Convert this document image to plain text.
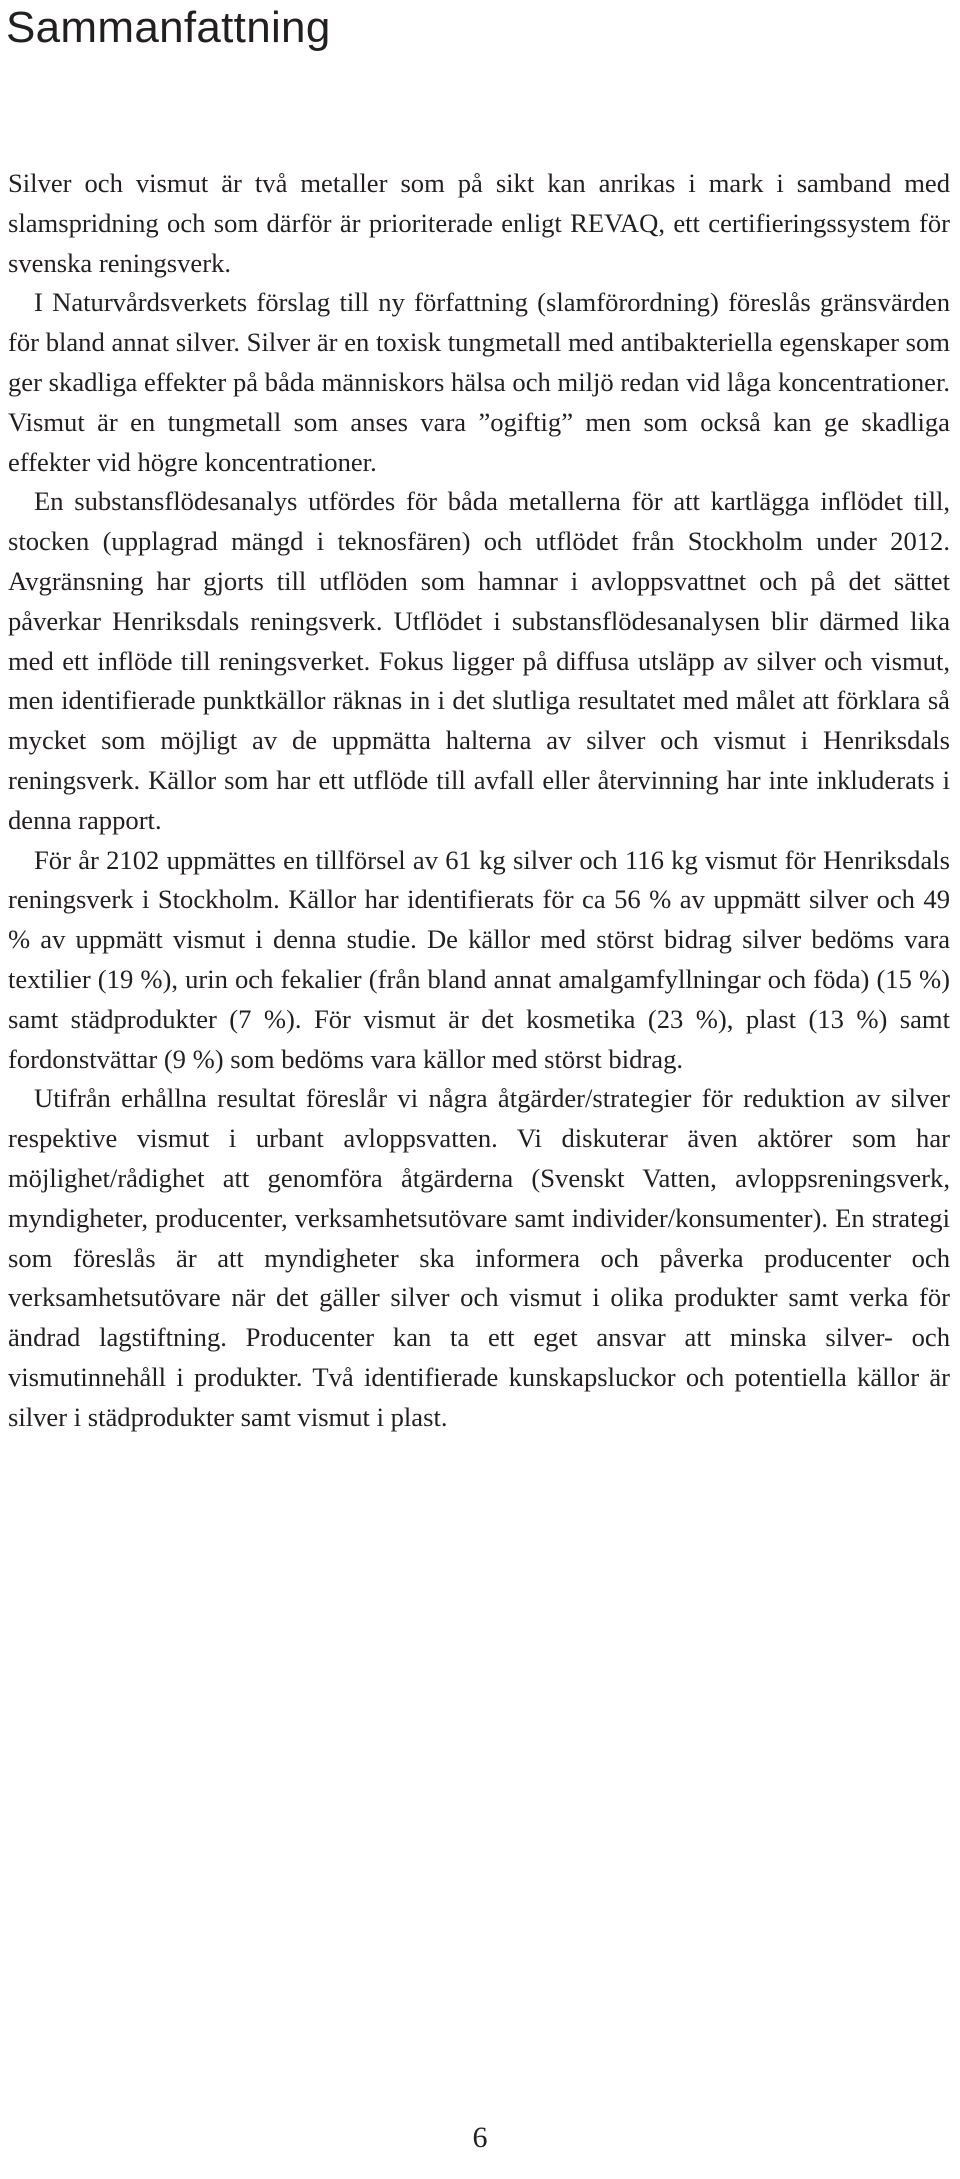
Sammanfattning

Silver och vismut är två metaller som på sikt kan anrikas i mark i samband med slamspridning och som därför är prioriterade enligt REVAQ, ett certifieringssystem för svenska reningsverk.

I Naturvårdsverkets förslag till ny författning (slamförordning) föreslås gränsvärden för bland annat silver. Silver är en toxisk tungmetall med antibakteriella egenskaper som ger skadliga effekter på båda människors hälsa och miljö redan vid låga koncentrationer. Vismut är en tungmetall som anses vara ”ogiftig” men som också kan ge skadliga effekter vid högre koncentrationer.

En substansflödesanalys utfördes för båda metallerna för att kartlägga inflödet till, stocken (upplagrad mängd i teknosfären) och utflödet från Stockholm under 2012. Avgränsning har gjorts till utflöden som hamnar i avloppsvattnet och på det sättet påverkar Henriksdals reningsverk. Utflödet i substansflödesanalysen blir därmed lika med ett inflöde till reningsverket. Fokus ligger på diffusa utsläpp av silver och vismut, men identifierade punktkällor räknas in i det slutliga resultatet med målet att förklara så mycket som möjligt av de uppmätta halterna av silver och vismut i Henriksdals reningsverk. Källor som har ett utflöde till avfall eller återvinning har inte inkluderats i denna rapport.

För år 2102 uppmättes en tillförsel av 61 kg silver och 116 kg vismut för Henriksdals reningsverk i Stockholm. Källor har identifierats för ca 56 % av uppmätt silver och 49 % av uppmätt vismut i denna studie. De källor med störst bidrag silver bedöms vara textilier (19 %), urin och fekalier (från bland annat amalgamfyllningar och föda) (15 %) samt städprodukter (7 %). För vismut är det kosmetika (23 %), plast (13 %) samt fordonstvättar (9 %) som bedöms vara källor med störst bidrag.

Utifrån erhållna resultat föreslår vi några åtgärder/strategier för reduktion av silver respektive vismut i urbant avloppsvatten. Vi diskuterar även aktörer som har möjlighet/rådighet att genomföra åtgärderna (Svenskt Vatten, avloppsreningsverk, myndigheter, producenter, verksamhetsutövare samt individer/konsumenter). En strategi som föreslås är att myndigheter ska informera och påverka producenter och verksamhetsutövare när det gäller silver och vismut i olika produkter samt verka för ändrad lagstiftning. Producenter kan ta ett eget ansvar att minska silver- och vismutinnehåll i produkter. Två identifierade kunskapsluckor och potentiella källor är silver i städprodukter samt vismut i plast.

6
